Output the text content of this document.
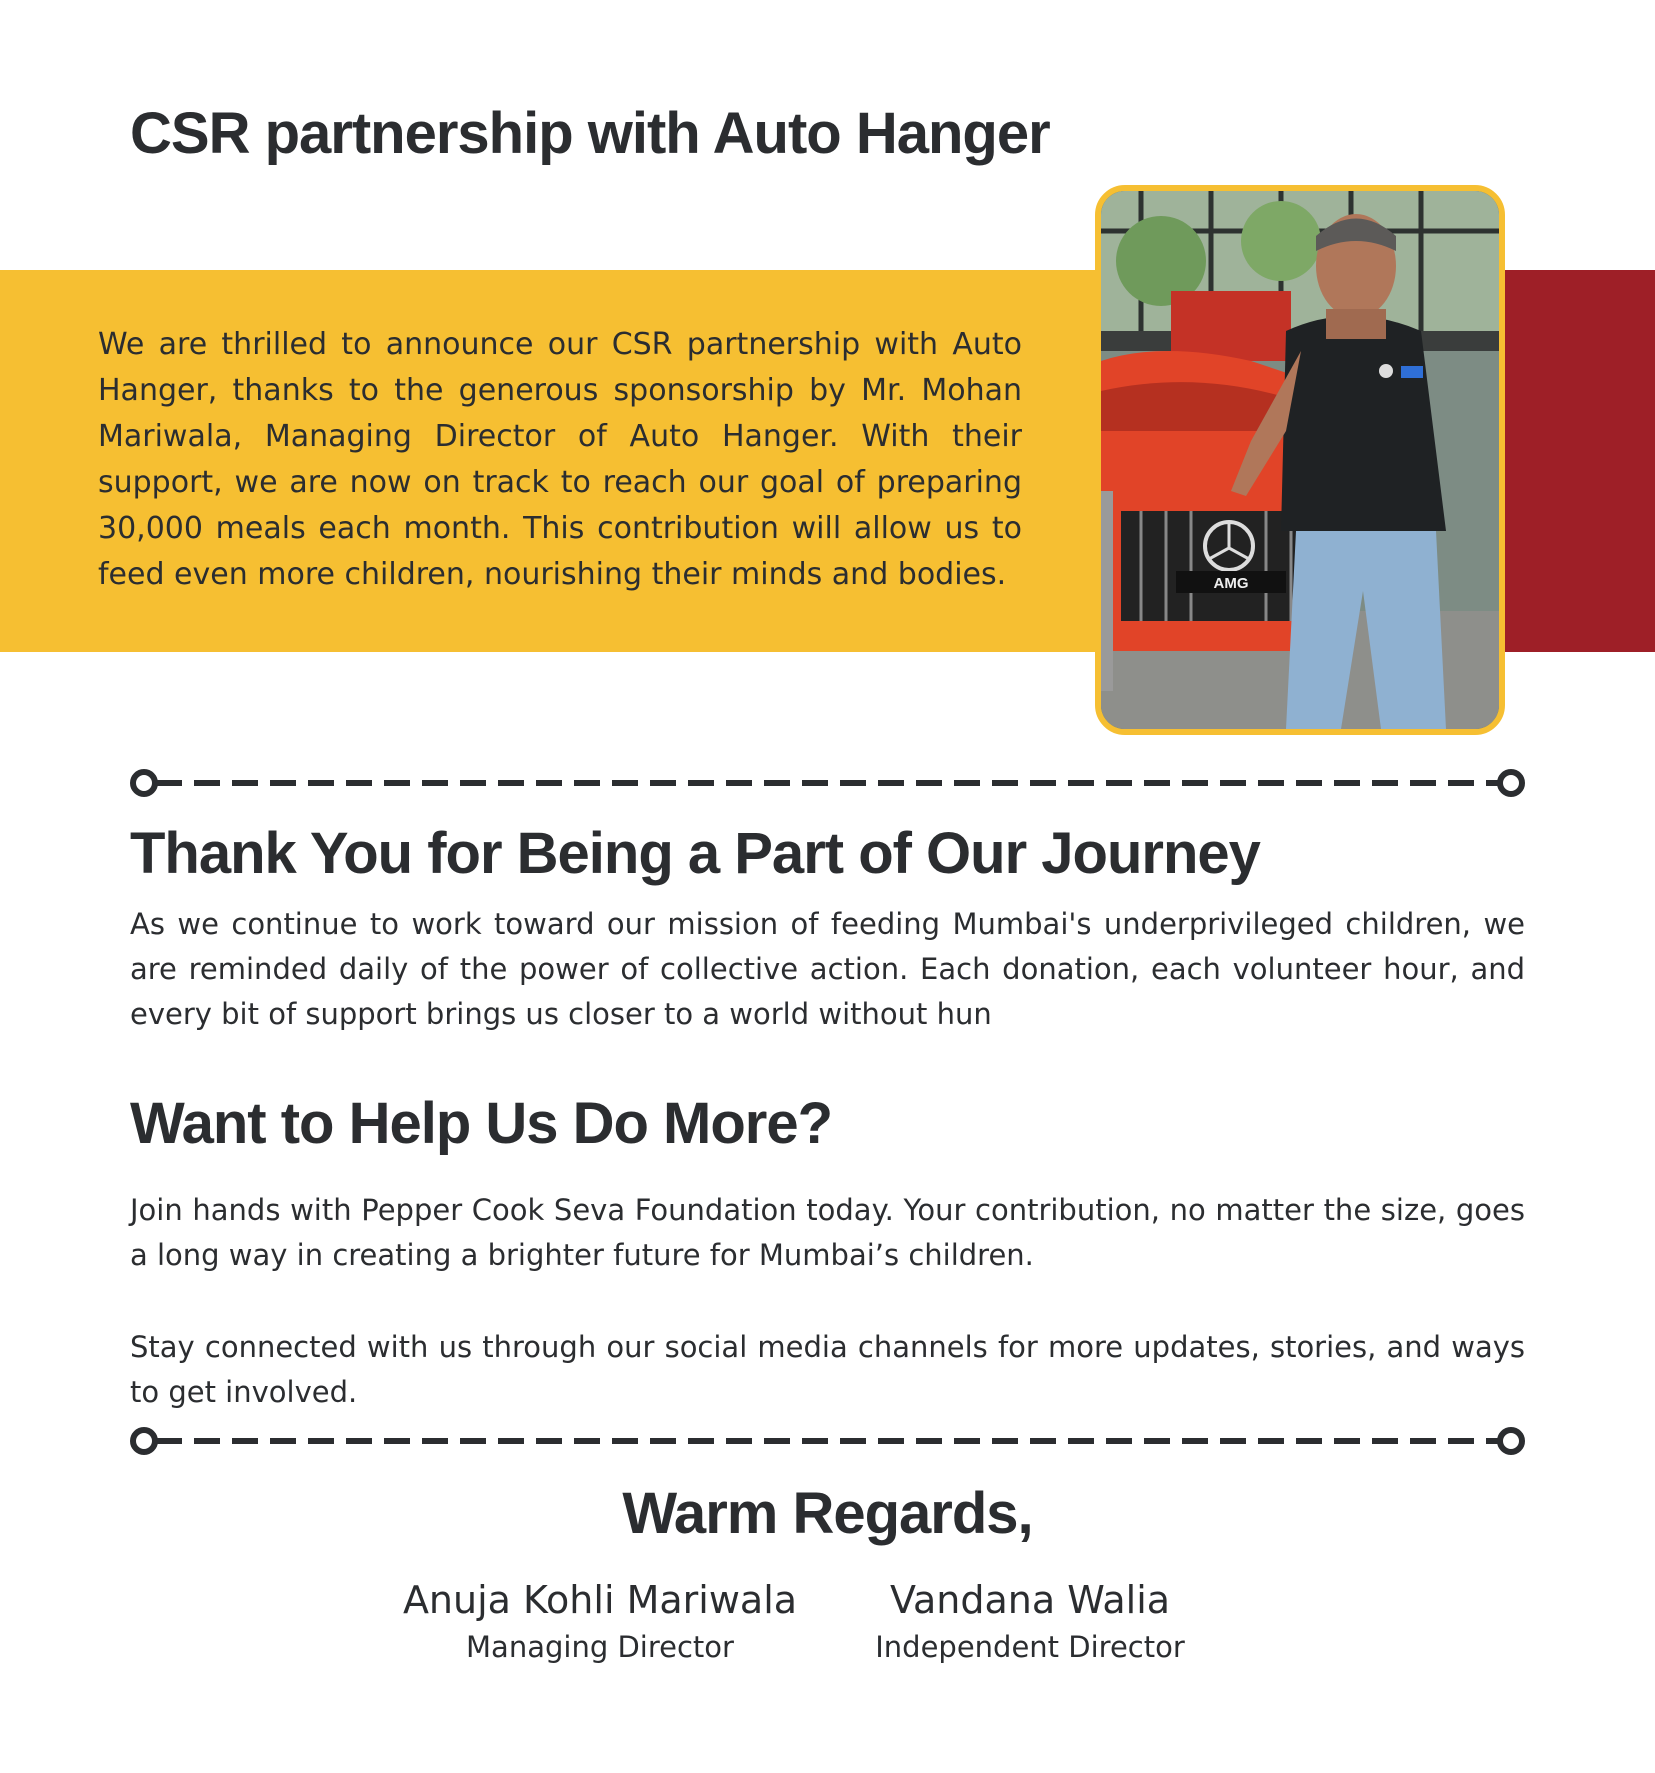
CSR partnership with Auto Hanger

We are thrilled to announce our CSR partnership with Auto Hanger, thanks to the generous sponsorship by Mr. Mohan Mariwala, Managing Director of Auto Hanger. With their support, we are now on track to reach our goal of preparing 30,000 meals each month. This contribution will allow us to feed even more children, nourishing their minds and bodies.	AMG
Thank You for Being a Part of Our Journey

As we continue to work toward our mission of feeding Mumbai's underprivileged children, we are reminded daily of the power of collective action. Each donation, each volunteer hour, and every bit of support brings us closer to a world without hun

Want to Help Us Do More?

Join hands with Pepper Cook Seva Foundation today. Your contribution, no matter the size, goes a long way in creating a brighter future for Mumbai’s children.

Stay connected with us through our social media channels for more updates, stories, and ways to get involved.

Warm Regards,
Anuja Kohli Mariwala
Managing Director
Vandana Walia
Independent Director
